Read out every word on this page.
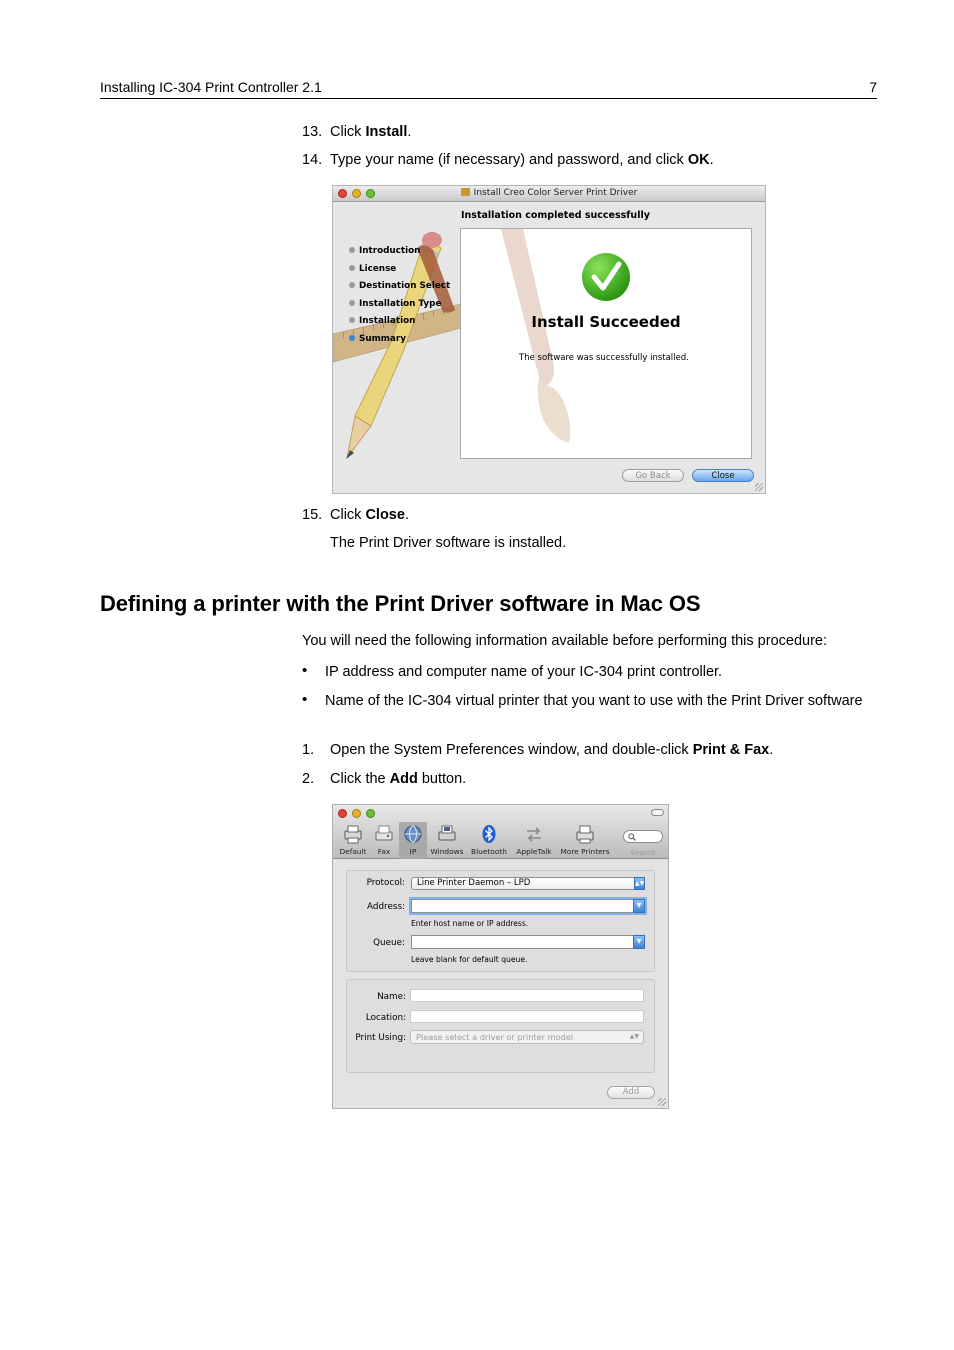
Installing IC-304 Print Controller 2.1	7
13. Click Install.
14. Type your name (if necessary) and password, and click OK.
Install Creo Color Server Print Driver
Installation completed successfully
Introduction
License
Destination Select
Installation Type
Installation
Summary
Install Succeeded
The software was successfully installed.
Go Back	Close
15. Click Close.
The Print Driver software is installed.
Defining a printer with the Print Driver software in Mac OS
You will need the following information available before performing this procedure:
• IP address and computer name of your IC-304 print controller.
• Name of the IC-304 virtual printer that you want to use with the Print Driver software
1. Open the System Preferences window, and double-click Print & Fax.
2. Click the Add button.
Default	Fax	IP	Windows Bluetooth	AppleTalk	More Printers	Search
Protocol:	Line Printer Daemon – LPD	▲▼
Address:	▼
Enter host name or IP address.
Queue:	▼
Leave blank for default queue.
Name:
Location:
Print Using:	Please select a driver or printer model	▲▼
Add
